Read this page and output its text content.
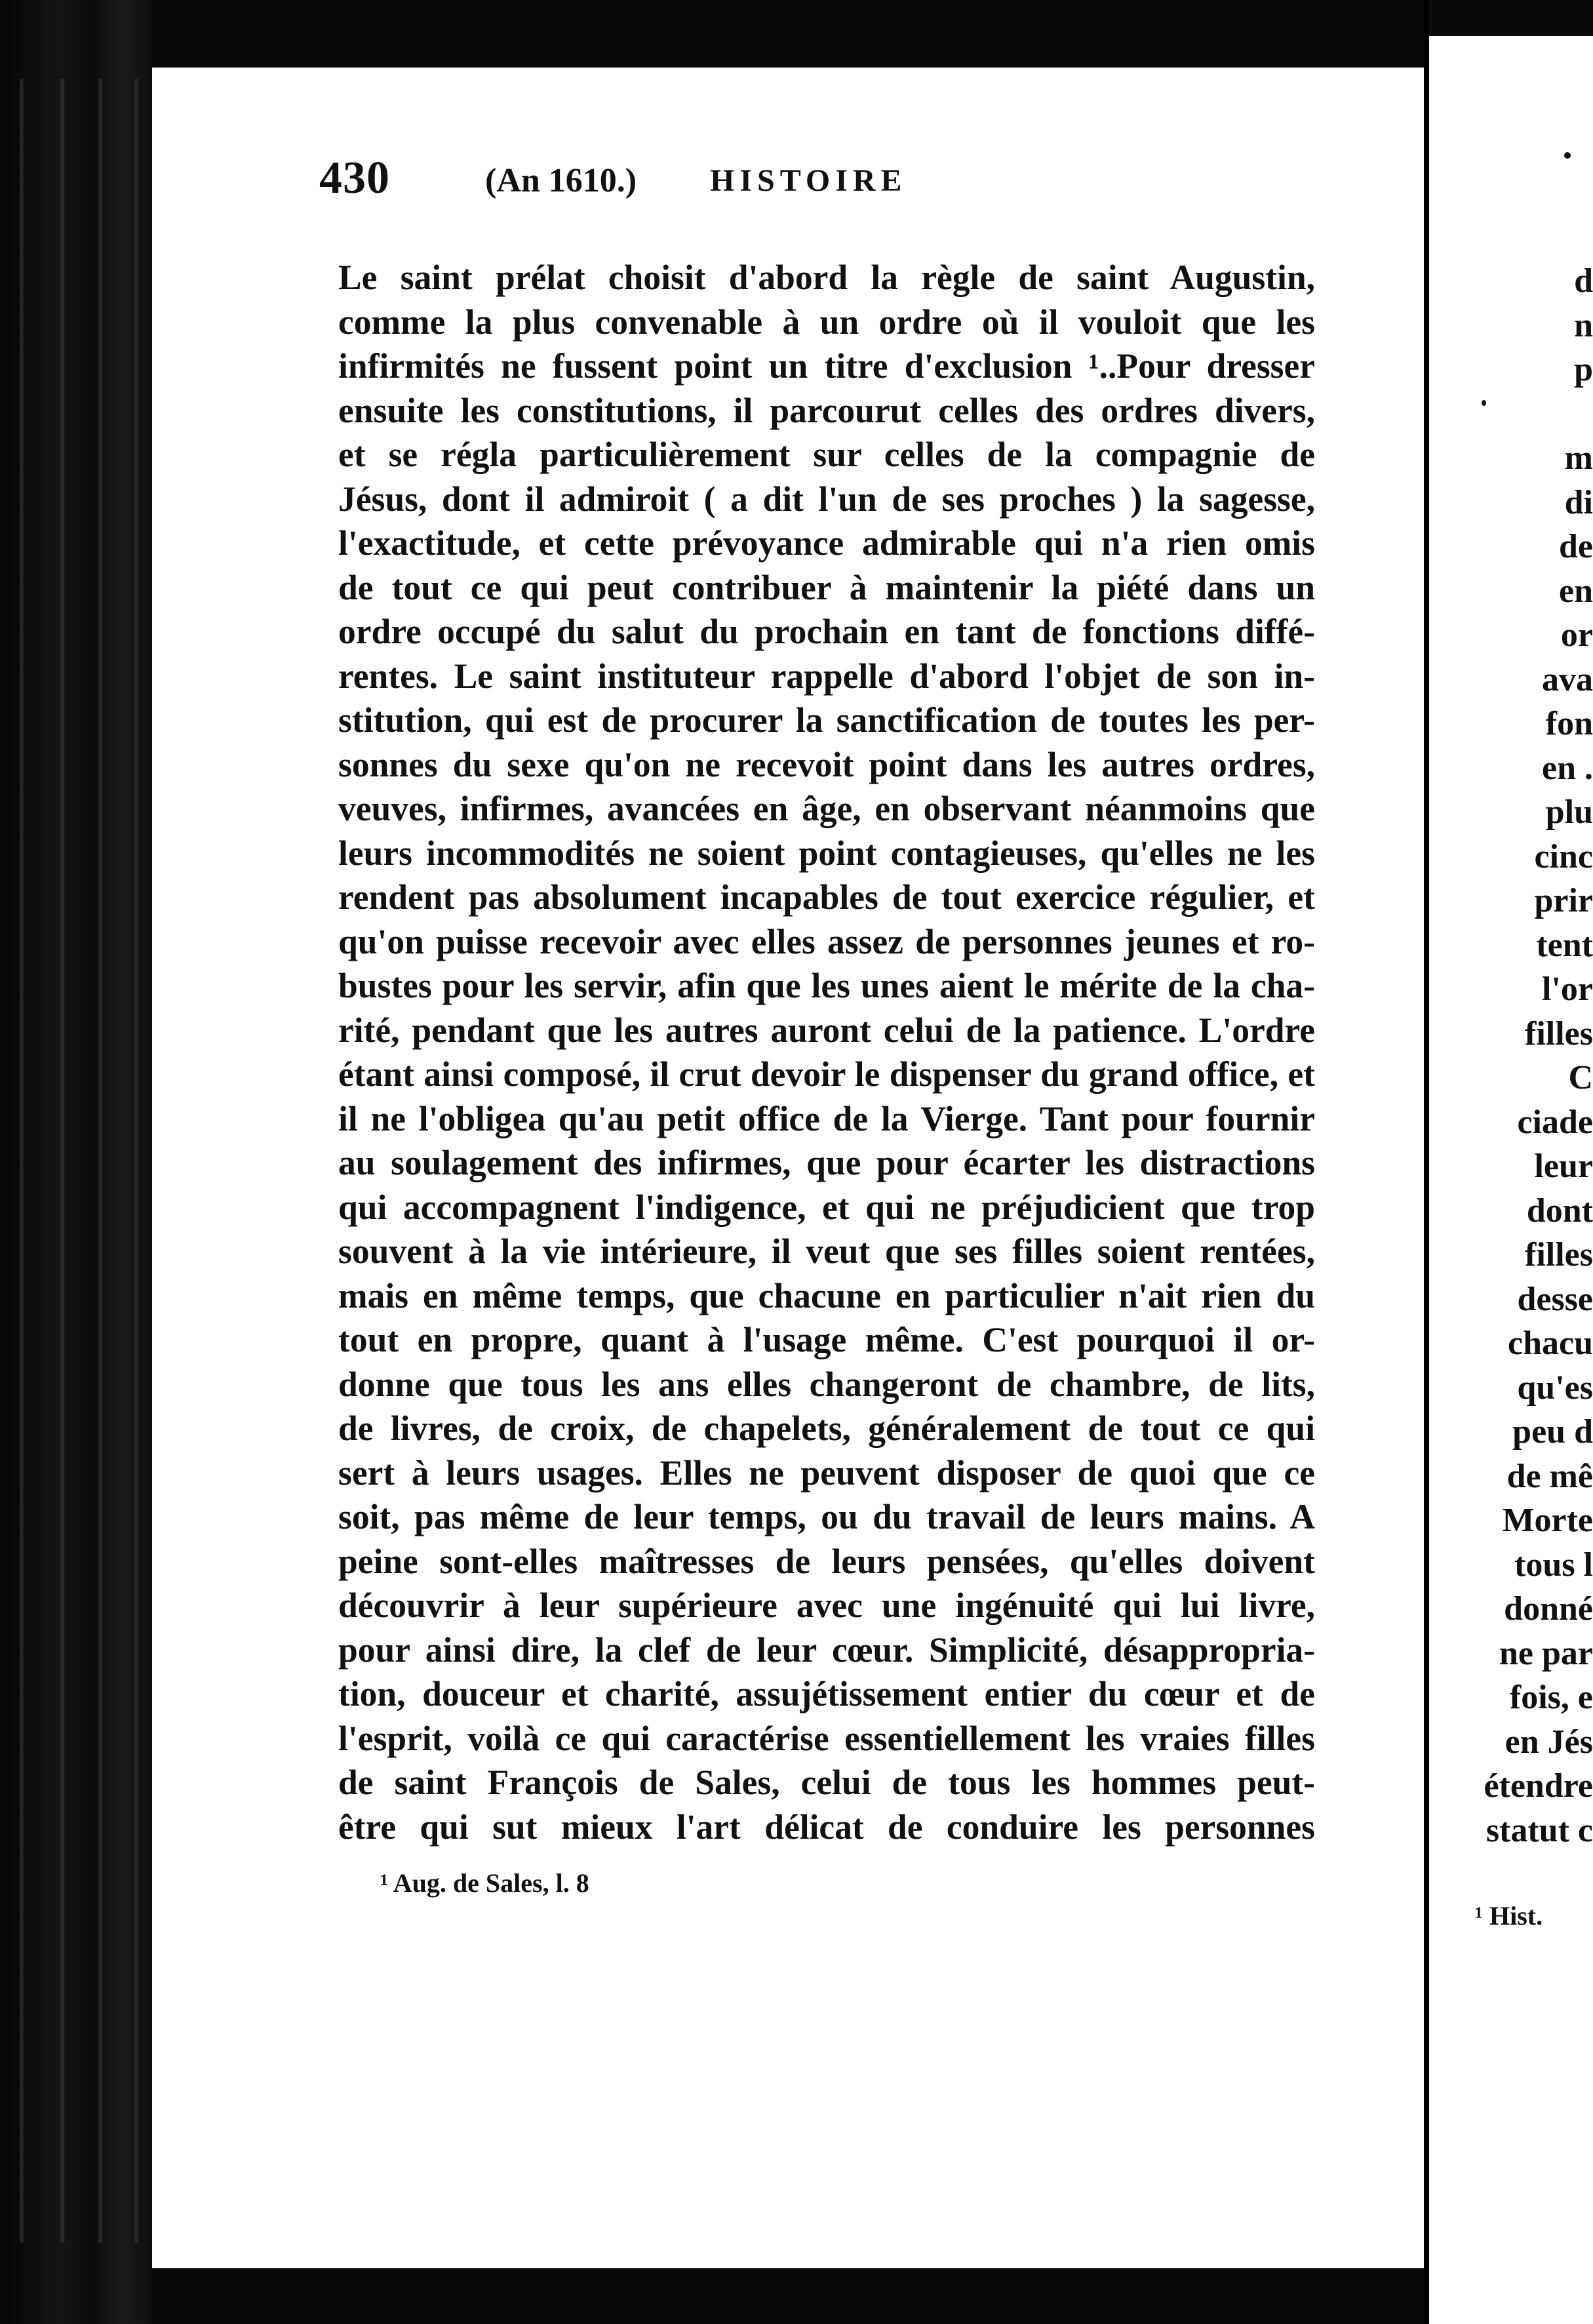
430	(An 1610.) HISTOIRE
Le saint prélat choisit d'abord la règle de saint Augustin,
comme la plus convenable à un ordre où il vouloit que les
infirmités ne fussent point un titre d'exclusion ¹..Pour dresser
ensuite les constitutions, il parcourut celles des ordres divers,
et se régla particulièrement sur celles de la compagnie de
Jésus, dont il admiroit ( a dit l'un de ses proches ) la sagesse,
l'exactitude, et cette prévoyance admirable qui n'a rien omis
de tout ce qui peut contribuer à maintenir la piété dans un
ordre occupé du salut du prochain en tant de fonctions diffé-
rentes. Le saint instituteur rappelle d'abord l'objet de son in-
stitution, qui est de procurer la sanctification de toutes les per-
sonnes du sexe qu'on ne recevoit point dans les autres ordres,
veuves, infirmes, avancées en âge, en observant néanmoins que
leurs incommodités ne soient point contagieuses, qu'elles ne les
rendent pas absolument incapables de tout exercice régulier, et
qu'on puisse recevoir avec elles assez de personnes jeunes et ro-
bustes pour les servir, afin que les unes aient le mérite de la cha-
rité, pendant que les autres auront celui de la patience. L'ordre
étant ainsi composé, il crut devoir le dispenser du grand office, et
il ne l'obligea qu'au petit office de la Vierge. Tant pour fournir
au soulagement des infirmes, que pour écarter les distractions
qui accompagnent l'indigence, et qui ne préjudicient que trop
souvent à la vie intérieure, il veut que ses filles soient rentées,
mais en même temps, que chacune en particulier n'ait rien du
tout en propre, quant à l'usage même. C'est pourquoi il or-
donne que tous les ans elles changeront de chambre, de lits,
de livres, de croix, de chapelets, généralement de tout ce qui
sert à leurs usages. Elles ne peuvent disposer de quoi que ce
soit, pas même de leur temps, ou du travail de leurs mains. A
peine sont-elles maîtresses de leurs pensées, qu'elles doivent
découvrir à leur supérieure avec une ingénuité qui lui livre,
pour ainsi dire, la clef de leur cœur. Simplicité, désappropria-
tion, douceur et charité, assujétissement entier du cœur et de
l'esprit, voilà ce qui caractérise essentiellement les vraies filles
de saint François de Sales, celui de tous les hommes peut-
être qui sut mieux l'art délicat de conduire les personnes
¹ Aug. de Sales, l. 8
d
n
p
m
di
de
en
or
ava
fon
en .
plu
cinc
prir
tent
l'or
filles
C
ciade
leur
dont
filles
desse
chacu
qu'es
peu d
de mê
Morte
tous l
donné
ne par
fois, e
en Jés
étendre
statut c
¹ Hist.
